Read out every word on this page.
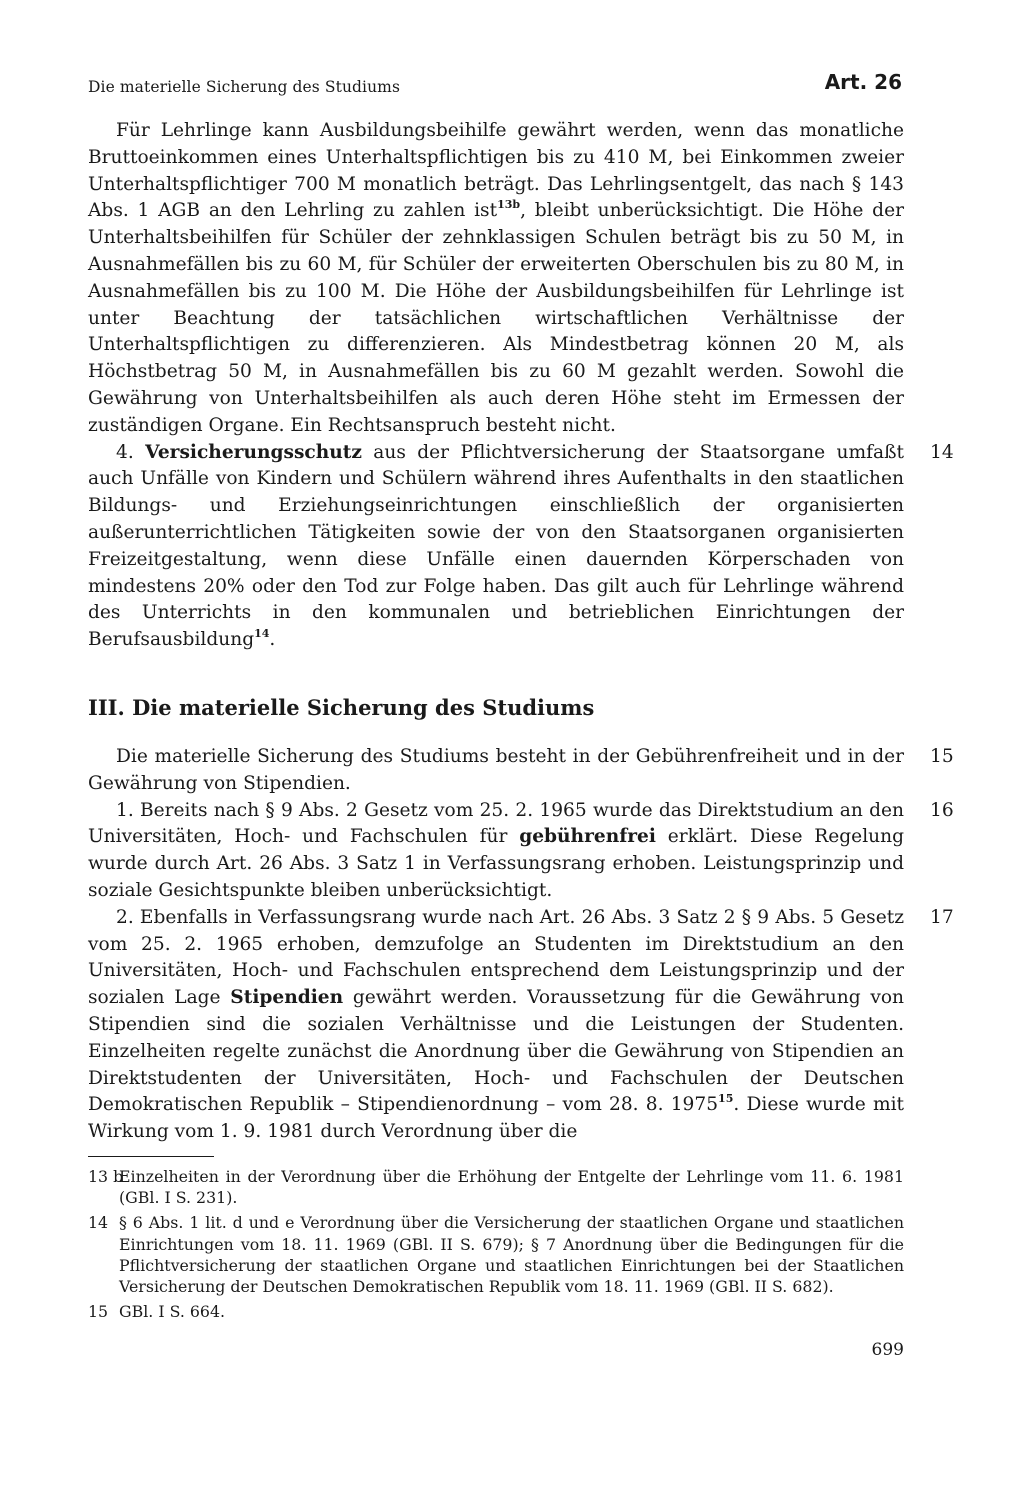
Die materielle Sicherung des Studiums	Art. 26

Für Lehrlinge kann Ausbildungsbeihilfe gewährt werden, wenn das monatliche Bruttoeinkommen eines Unterhaltspflichtigen bis zu 410 M, bei Einkommen zweier Unterhaltspflichtiger 700 M monatlich beträgt. Das Lehrlingsentgelt, das nach § 143 Abs. 1 AGB an den Lehrling zu zahlen ist$^{13b}$, bleibt unberücksichtigt. Die Höhe der Unterhaltsbeihilfen für Schüler der zehnklassigen Schulen beträgt bis zu 50 M, in Ausnahmefällen bis zu 60 M, für Schüler der erweiterten Oberschulen bis zu 80 M, in Ausnahmefällen bis zu 100 M. Die Höhe der Ausbildungsbeihilfen für Lehrlinge ist unter Beachtung der tatsächlichen wirtschaftlichen Verhältnisse der Unterhaltspflichtigen zu differenzieren. Als Mindestbetrag können 20 M, als Höchstbetrag 50 M, in Ausnahmefällen bis zu 60 M gezahlt werden. Sowohl die Gewährung von Unterhaltsbeihilfen als auch deren Höhe steht im Ermessen der zuständigen Organe. Ein Rechtsanspruch besteht nicht.

14
4. Versicherungsschutz aus der Pflichtversicherung der Staatsorgane umfaßt auch Unfälle von Kindern und Schülern während ihres Aufenthalts in den staatlichen Bildungs- und Erziehungseinrichtungen einschließlich der organisierten außerunterrichtlichen Tätigkeiten sowie der von den Staatsorganen organisierten Freizeitgestaltung, wenn diese Unfälle einen dauernden Körperschaden von mindestens 20% oder den Tod zur Folge haben. Das gilt auch für Lehrlinge während des Unterrichts in den kommunalen und betrieblichen Einrichtungen der Berufsausbildung$^{14}$.

III. Die materielle Sicherung des Studiums

15
Die materielle Sicherung des Studiums besteht in der Gebührenfreiheit und in der Gewährung von Stipendien.

16
1. Bereits nach § 9 Abs. 2 Gesetz vom 25. 2. 1965 wurde das Direktstudium an den Universitäten, Hoch- und Fachschulen für gebührenfrei erklärt. Diese Regelung wurde durch Art. 26 Abs. 3 Satz 1 in Verfassungsrang erhoben. Leistungsprinzip und soziale Gesichtspunkte bleiben unberücksichtigt.

17
2. Ebenfalls in Verfassungsrang wurde nach Art. 26 Abs. 3 Satz 2 § 9 Abs. 5 Gesetz vom 25. 2. 1965 erhoben, demzufolge an Studenten im Direktstudium an den Universitäten, Hoch- und Fachschulen entsprechend dem Leistungsprinzip und der sozialen Lage Stipendien gewährt werden. Voraussetzung für die Gewährung von Stipendien sind die sozialen Verhältnisse und die Leistungen der Studenten. Einzelheiten regelte zunächst die Anordnung über die Gewährung von Stipendien an Direktstudenten der Universitäten, Hoch- und Fachschulen der Deutschen Demokratischen Republik – Stipendienordnung – vom 28. 8. 1975$^{15}$. Diese wurde mit Wirkung vom 1. 9. 1981 durch Verordnung über die

13 b
Einzelheiten in der Verordnung über die Erhöhung der Entgelte der Lehrlinge vom 11. 6. 1981 (GBl. I S. 231).
14 § 6 Abs. 1 lit. d und e Verordnung über die Versicherung der staatlichen Organe und staatlichen Einrichtungen vom 18. 11. 1969 (GBl. II S. 679); § 7 Anordnung über die Bedingungen für die Pflichtversicherung der staatlichen Organe und staatlichen Einrichtungen bei der Staatlichen Versicherung der Deutschen Demokratischen Republik vom 18. 11. 1969 (GBl. II S. 682).
15 GBl. I S. 664.
699
